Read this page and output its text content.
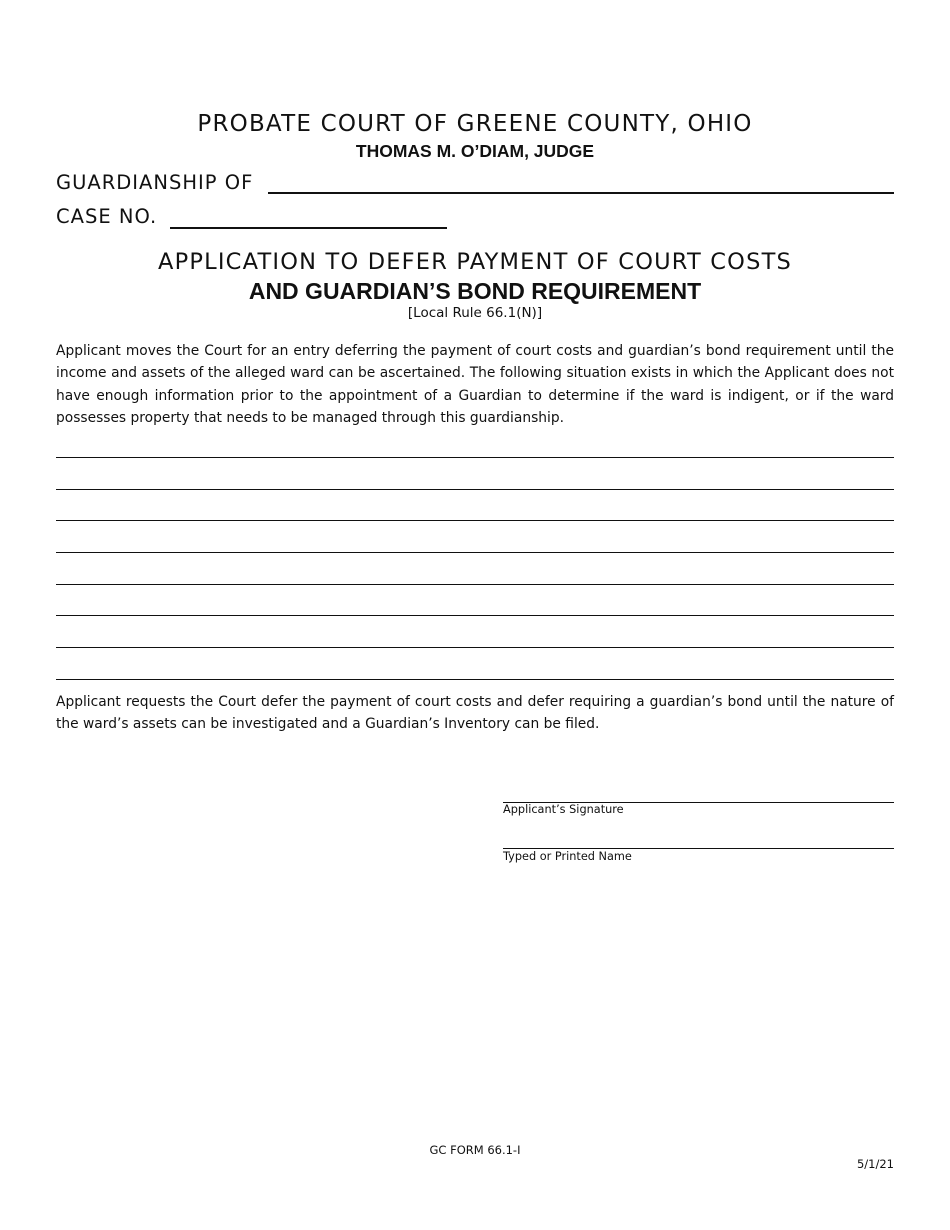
PROBATE COURT OF GREENE COUNTY, OHIO
THOMAS M. O’DIAM, JUDGE
GUARDIANSHIP OF
CASE NO.
APPLICATION TO DEFER PAYMENT OF COURT COSTS
AND GUARDIAN’S BOND REQUIREMENT
[Local Rule 66.1(N)]
Applicant moves the Court for an entry deferring the payment of court costs and guardian’s bond requirement until the income and assets of the alleged ward can be ascertained. The following situation exists in which the Applicant does not have enough information prior to the appointment of a Guardian to determine if the ward is indigent, or if the ward possesses property that needs to be managed through this guardianship.
Applicant requests the Court defer the payment of court costs and defer requiring a guardian’s bond until the nature of the ward’s assets can be investigated and a Guardian’s Inventory can be filed.
Applicant’s Signature
Typed or Printed Name
GC FORM 66.1-I
5/1/21
